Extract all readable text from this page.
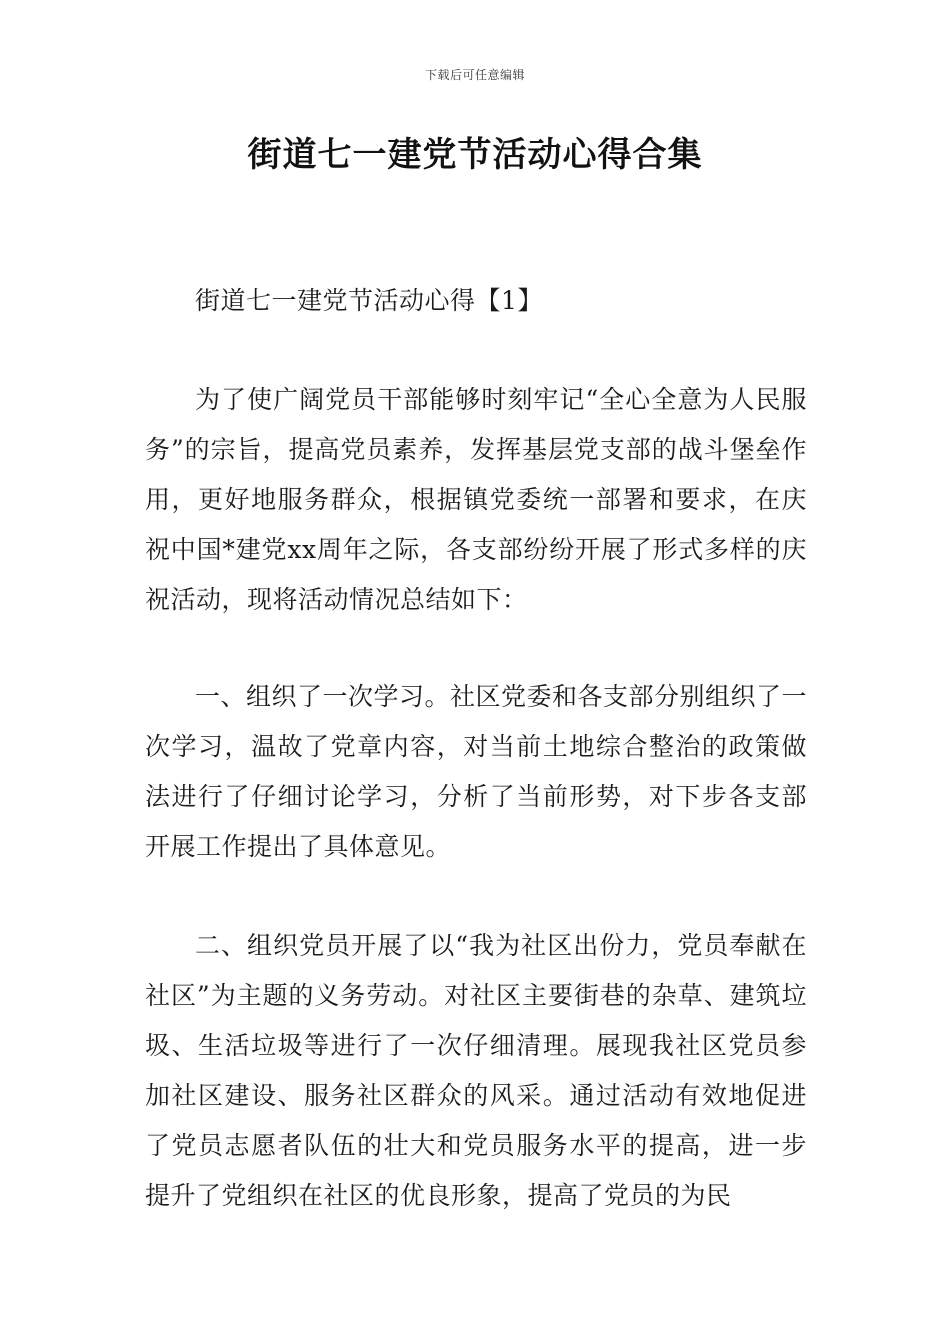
下载后可任意编辑
街道七一建党节活动心得合集
街道七一建党节活动心得【1】
为了使广阔党员干部能够时刻牢记“全心全意为人民服务”的宗旨，提高党员素养，发挥基层党支部的战斗堡垒作用，更好地服务群众，根据镇党委统一部署和要求，在庆祝中国*建党xx周年之际，各支部纷纷开展了形式多样的庆祝活动，现将活动情况总结如下：
一、组织了一次学习。社区党委和各支部分别组织了一次学习，温故了党章内容，对当前土地综合整治的政策做法进行了仔细讨论学习，分析了当前形势，对下步各支部开展工作提出了具体意见。
二、组织党员开展了以“我为社区出份力，党员奉献在社区”为主题的义务劳动。对社区主要街巷的杂草、建筑垃圾、生活垃圾等进行了一次仔细清理。展现我社区党员参加社区建设、服务社区群众的风采。通过活动有效地促进了党员志愿者队伍的壮大和党员服务水平的提高，进一步提升了党组织在社区的优良形象，提高了党员的为民
